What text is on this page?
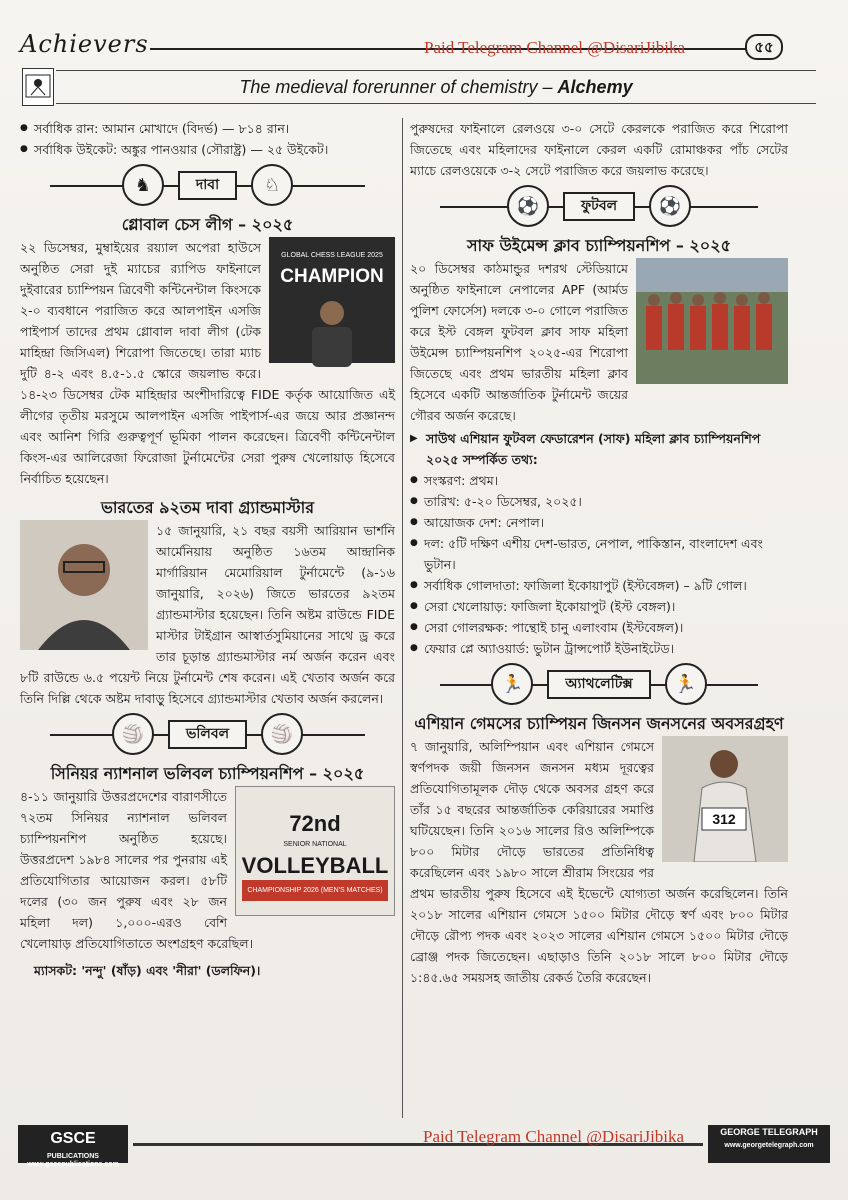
Achievers	Paid Telegram Channel @DisariJibika	৫৫
The medieval forerunner of chemistry – Alchemy
● সর্বাধিক রান: আমান মোখাদে (বিদর্ভ) — ৮১৪ রান।
● সর্বাধিক উইকেট: অঙ্কুর পানওয়ার (সৌরাষ্ট্র) — ২৫ উইকেট।
♞	দাবা	♘
গ্লোবাল চেস লীগ – ২০২৫
GLOBAL CHESS LEAGUE 2025
CHAMPION

২২ ডিসেম্বর, মুম্বাইয়ের রয়্যাল অপেরা হাউসে অনুষ্ঠিত সেরা দুই ম্যাচের র‍্যাপিড ফাইনালে দুইবারের চ্যাম্পিয়ন ত্রিবেণী কন্টিনেন্টাল কিংসকে ২-০ ব্যবধানে পরাজিত করে আলপাইন এসজি পাইপার্স তাদের প্রথম গ্লোবাল দাবা লীগ (টেক মাহিন্দ্রা জিসিএল) শিরোপা জিতেছে। তারা ম্যাচ দুটি ৪-২ এবং ৪.৫-১.৫ স্কোরে জয়লাভ করে। ১৪-২৩ ডিসেম্বর টেক মাহিন্দ্রার অংশীদারিত্বে FIDE কর্তৃক আয়োজিত এই লীগের তৃতীয় মরসুমে আলপাইন এসজি পাইপার্স-এর জয়ে আর প্রজ্ঞানন্দ এবং আনিশ গিরি গুরুত্বপূর্ণ ভূমিকা পালন করেছেন। ত্রিবেণী কন্টিনেন্টাল কিংস-এর আলিরেজা ফিরোজা টুর্নামেন্টের সেরা পুরুষ খেলোয়াড় হিসেবে নির্বাচিত হয়েছেন।

ভারতের ৯২তম দাবা গ্র্যান্ডমাস্টার

১৫ জানুয়ারি, ২১ বছর বয়সী আরিয়ান ভার্শনি আর্মেনিয়ায় অনুষ্ঠিত ১৬তম আন্দ্রানিক মার্গারিয়ান মেমোরিয়াল টুর্নামেন্টে (৯-১৬ জানুয়ারি, ২০২৬) জিতে ভারতের ৯২তম গ্র্যান্ডমাস্টার হয়েছেন। তিনি অষ্টম রাউন্ডে FIDE মাস্টার টাইগ্রান আস্বার্তসুমিয়ানের সাথে ড্র করে তার চূড়ান্ত গ্র্যান্ডমাস্টার নর্ম অর্জন করেন এবং ৮টি রাউন্ডে ৬.৫ পয়েন্ট নিয়ে টুর্নামেন্ট শেষ করেন। এই খেতাব অর্জন করে তিনি দিল্লি থেকে অষ্টম দাবাড়ু হিসেবে গ্র্যান্ডমাস্টার খেতাব অর্জন করলেন।

🏐	ভলিবল	🏐
সিনিয়র ন্যাশনাল ভলিবল চ্যাম্পিয়নশিপ – ২০২৫
72nd
SENIOR NATIONAL
VOLLEYBALL
CHAMPIONSHIP 2026 (MEN'S MATCHES)

৪-১১ জানুয়ারি উত্তরপ্রদেশের বারাণসীতে ৭২তম সিনিয়র ন্যাশনাল ভলিবল চ্যাম্পিয়নশিপ অনুষ্ঠিত হয়েছে। উত্তরপ্রদেশ ১৯৮৪ সালের পর পুনরায় এই প্রতিযোগিতার আয়োজন করল। ৫৮টি দলের (৩০ জন পুরুষ এবং ২৮ জন মহিলা দল) ১,০০০-এরও বেশি খেলোয়াড় প্রতিযোগিতাতে অংশগ্রহণ করেছিল।

ম্যাসকট: 'নন্দু' (ষাঁড়) এবং 'নীরা' (ডলফিন)।

পুরুষদের ফাইনালে রেলওয়ে ৩-০ সেটে কেরলকে পরাজিত করে শিরোপা জিতেছে এবং মহিলাদের ফাইনালে কেরল একটি রোমাঞ্চকর পাঁচ সেটের ম্যাচে রেলওয়েকে ৩-২ সেটে পরাজিত করে জয়লাভ করেছে।

⚽	ফুটবল	⚽
সাফ উইমেন্স ক্লাব চ্যাম্পিয়নশিপ – ২০২৫

২০ ডিসেম্বর কাঠমান্ডুর দশরথ স্টেডিয়ামে অনুষ্ঠিত ফাইনালে নেপালের APF (আর্মড পুলিশ ফোর্সেস) দলকে ৩-০ গোলে পরাজিত করে ইস্ট বেঙ্গল ফুটবল ক্লাব সাফ মহিলা উইমেন্স চ্যাম্পিয়নশিপ ২০২৫-এর শিরোপা জিতেছে এবং প্রথম ভারতীয় মহিলা ক্লাব হিসেবে একটি আন্তর্জাতিক টুর্নামেন্ট জয়ের গৌরব অর্জন করেছে।

▶ সাউথ এশিয়ান ফুটবল ফেডারেশন (সাফ) মহিলা ক্লাব চ্যাম্পিয়নশিপ ২০২৫ সম্পর্কিত তথ্য:
● সংস্করণ: প্রথম।
● তারিখ: ৫-২০ ডিসেম্বর, ২০২৫।
● আয়োজক দেশ: নেপাল।
● দল: ৫টি দক্ষিণ এশীয় দেশ-ভারত, নেপাল, পাকিস্তান, বাংলাদেশ এবং ভুটান।
● সর্বাধিক গোলদাতা: ফাজিলা ইকোয়াপুট (ইস্টবেঙ্গল) – ৯টি গোল।
● সেরা খেলোয়াড়: ফাজিলা ইকোয়াপুট (ইস্ট বেঙ্গল)।
● সেরা গোলরক্ষক: পান্থোই চানু এলাংবাম (ইস্টবেঙ্গল)।
● ফেয়ার প্লে অ্যাওয়ার্ড: ভুটান ট্রান্সপোর্ট ইউনাইটেড।
🏃	অ্যাথলেটিক্স	🏃
এশিয়ান গেমসের চ্যাম্পিয়ন জিনসন জনসনের অবসরগ্রহণ
312

৭ জানুয়ারি, অলিম্পিয়ান এবং এশিয়ান গেমসে স্বর্ণপদক জয়ী জিনসন জনসন মধ্যম দূরত্বের প্রতিযোগিতামূলক দৌড় থেকে অবসর গ্রহণ করে তাঁর ১৫ বছরের আন্তর্জাতিক কেরিয়ারের সমাপ্তি ঘটিয়েছেন। তিনি ২০১৬ সালের রিও অলিম্পিকে ৮০০ মিটার দৌড়ে ভারতের প্রতিনিধিত্ব করেছিলেন এবং ১৯৮০ সালে শ্রীরাম সিংয়ের পর প্রথম ভারতীয় পুরুষ হিসেবে এই ইভেন্টে যোগ্যতা অর্জন করেছিলেন। তিনি ২০১৮ সালের এশিয়ান গেমসে ১৫০০ মিটার দৌড়ে স্বর্ণ এবং ৮০০ মিটার দৌড়ে রৌপ্য পদক এবং ২০২৩ সালের এশিয়ান গেমসে ১৫০০ মিটার দৌড়ে ব্রোঞ্জ পদক জিতেছেন। এছাড়াও তিনি ২০১৮ সালে ৮০০ মিটার দৌড়ে ১:৪৫.৬৫ সময়সহ জাতীয় রেকর্ড তৈরি করেছেন।

GSCE
PUBLICATIONS
www.gscepublications.com
Paid Telegram Channel @DisariJibika	GEORGE TELEGRAPH
www.georgetelegraph.com
